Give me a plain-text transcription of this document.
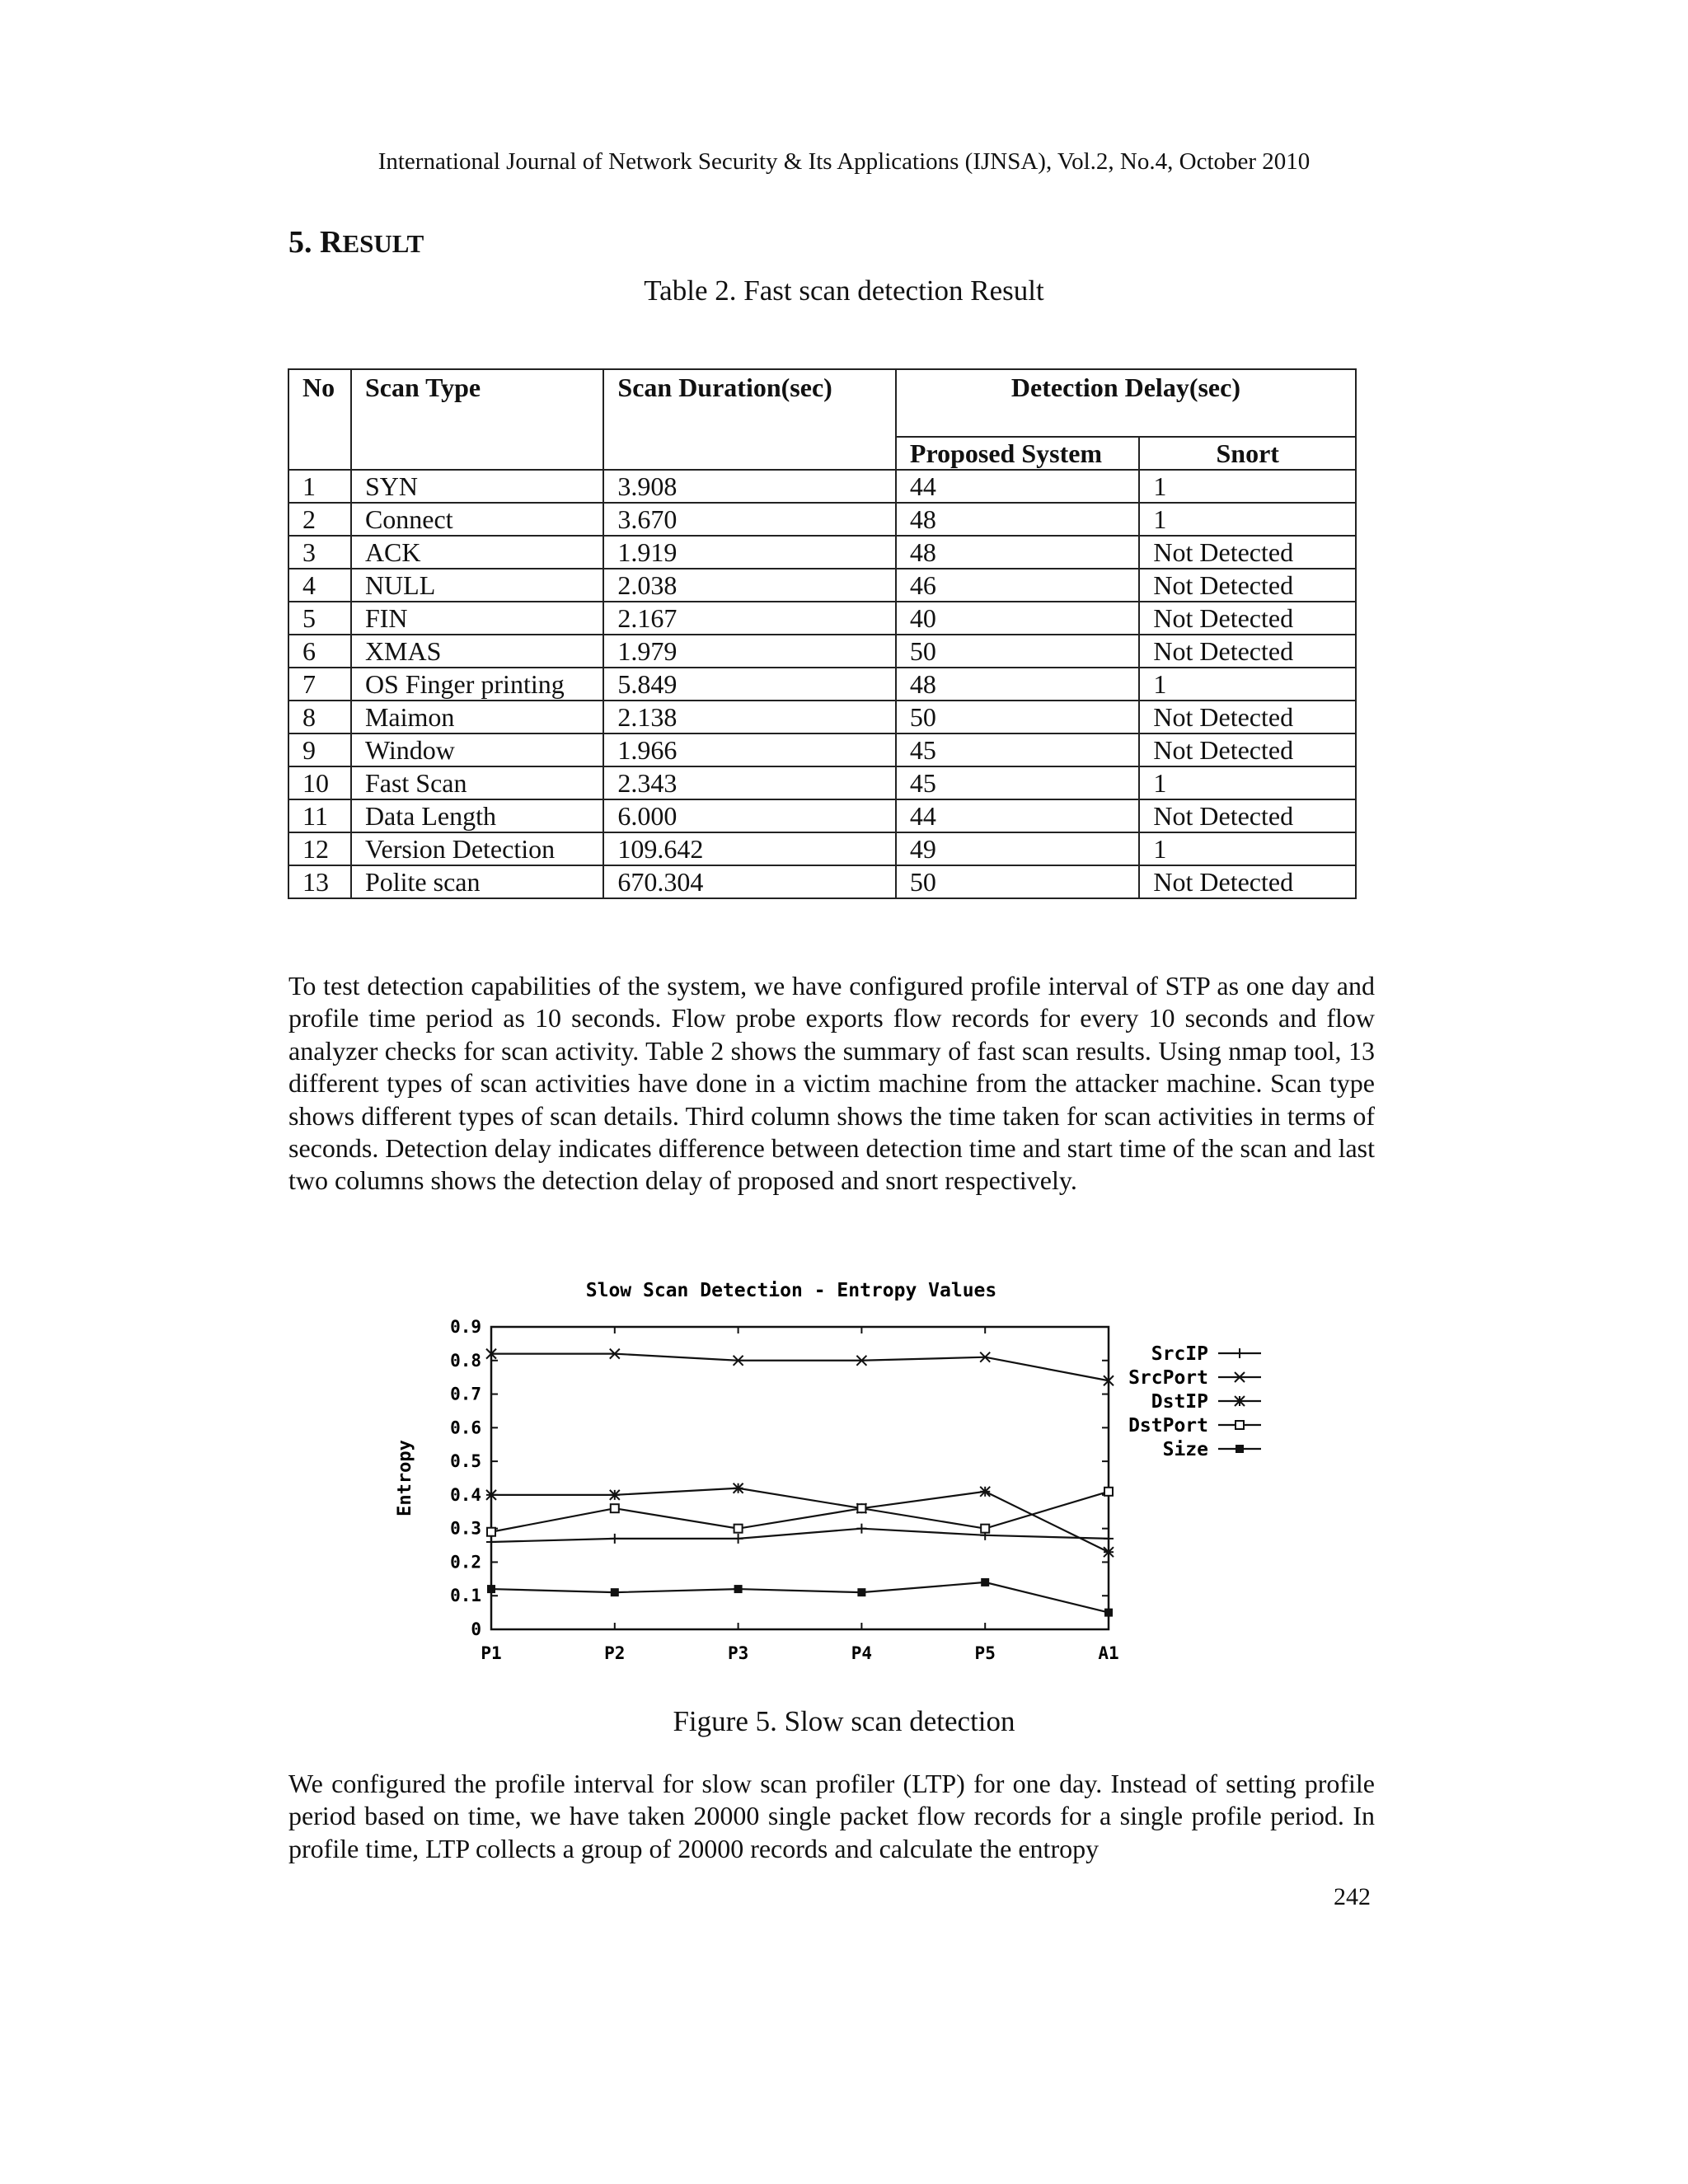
International Journal of Network Security & Its Applications (IJNSA), Vol.2, No.4, October 2010
5. RESULT
Table 2. Fast scan detection Result
No	Scan Type	Scan Duration(sec)	Detection Delay(sec)	
			Proposed System	Snort
1	SYN	3.908	44	1
2	Connect	3.670	48	1
3	ACK	1.919	48	Not Detected
4	NULL	2.038	46	Not Detected
5	FIN	2.167	40	Not Detected
6	XMAS	1.979	50	Not Detected
7	OS Finger printing	5.849	48	1
8	Maimon	2.138	50	Not Detected
9	Window	1.966	45	Not Detected
10	Fast Scan	2.343	45	1
11	Data Length	6.000	44	Not Detected
12	Version Detection	109.642	49	1
13	Polite scan	670.304	50	Not Detected
To test detection capabilities of the system, we have configured profile interval of STP as one day and profile time period as 10 seconds. Flow probe exports flow records for every 10 seconds and flow analyzer checks for scan activity. Table 2 shows the summary of fast scan results. Using nmap tool, 13 different types of scan activities have done in a victim machine from the attacker machine. Scan type shows different types of scan details. Third column shows the time taken for scan activities in terms of seconds. Detection delay indicates difference between detection time and start time of the scan and last two columns shows the detection delay of proposed and snort respectively.
Slow Scan Detection - Entropy Values
Entropy
0
0.1
0.2
0.3
0.4
0.5
0.6
0.7
0.8
0.9
P1	P2	P3	P4	P5	A1
SrcIP
SrcPort
DstIP
DstPort
Size
Figure 5. Slow scan detection
We configured the profile interval for slow scan profiler (LTP) for one day. Instead of setting profile period based on time, we have taken 20000 single packet flow records for a single profile period. In profile time, LTP collects a group of 20000 records and calculate the entropy
242
